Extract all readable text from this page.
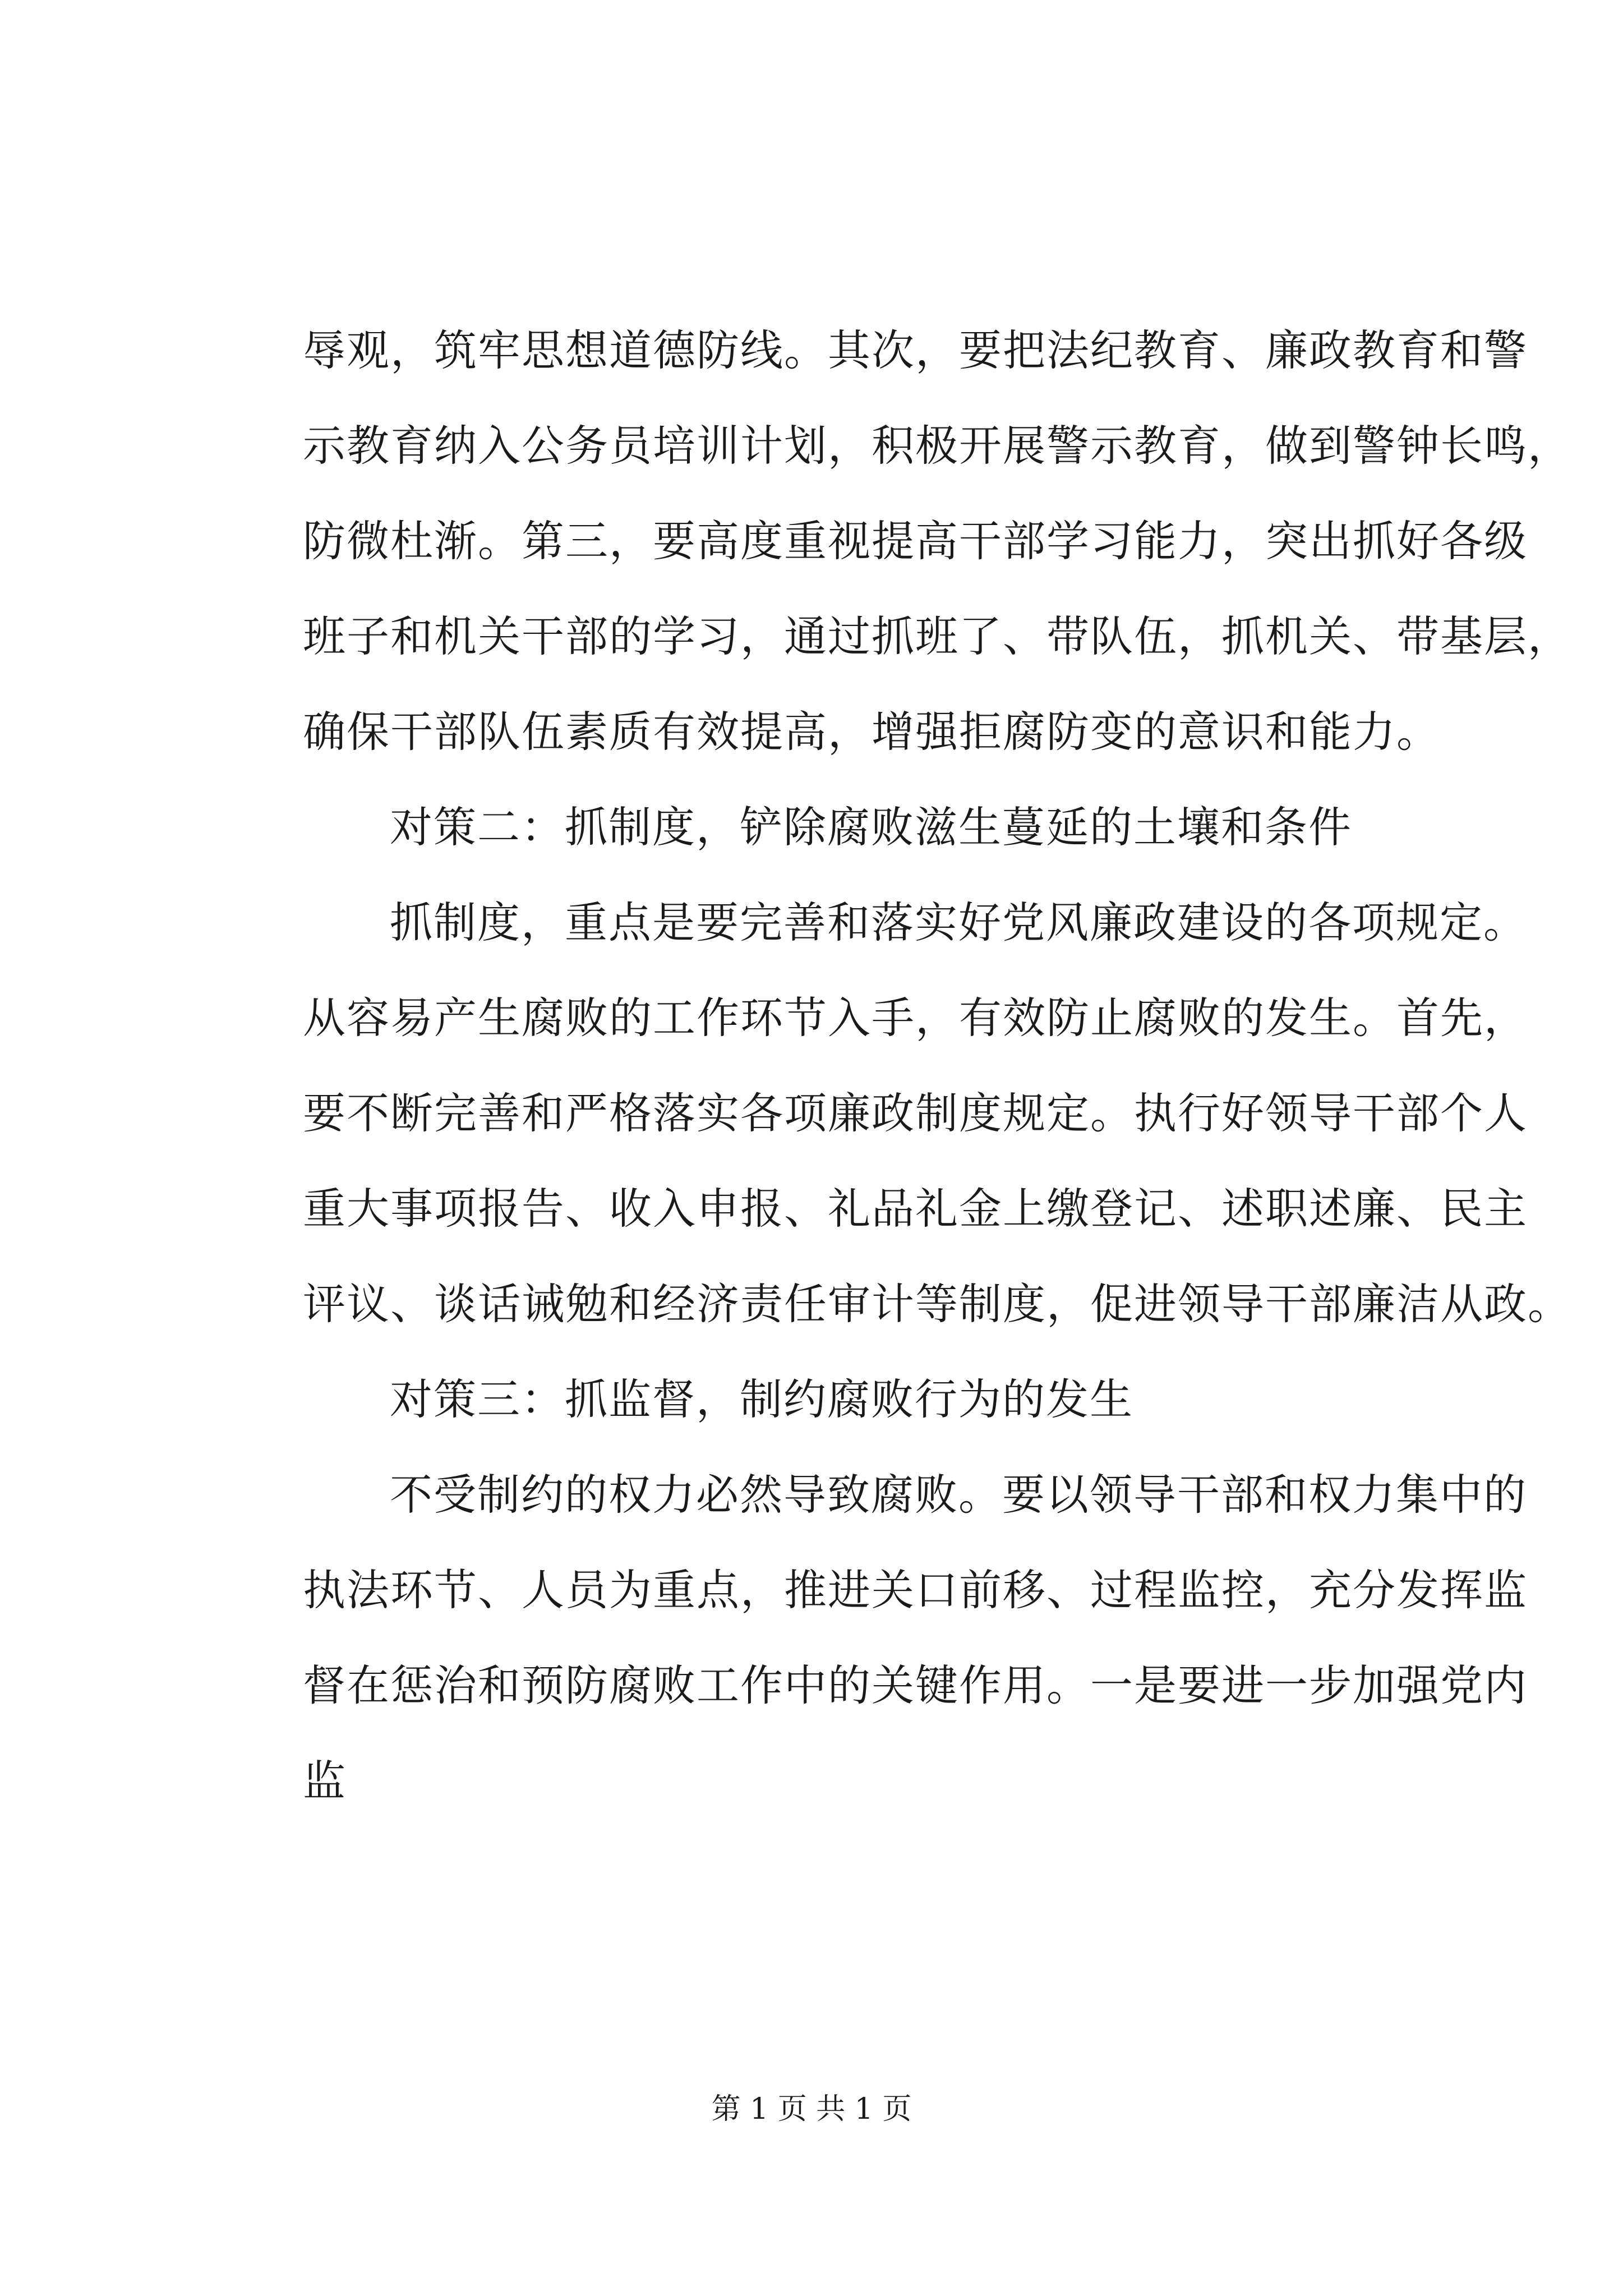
辱观，筑牢思想道德防线。其次，要把法纪教育、廉政教育和警
示教育纳入公务员培训计划，积极开展警示教育，做到警钟长鸣，
防微杜渐。第三，要高度重视提高干部学习能力，突出抓好各级
班子和机关干部的学习，通过抓班了、带队伍，抓机关、带基层，
确保干部队伍素质有效提高，增强拒腐防变的意识和能力。
对策二：抓制度，铲除腐败滋生蔓延的土壤和条件
抓制度，重点是要完善和落实好党风廉政建设的各项规定。
从容易产生腐败的工作环节入手，有效防止腐败的发生。首先，
要不断完善和严格落实各项廉政制度规定。执行好领导干部个人
重大事项报告、收入申报、礼品礼金上缴登记、述职述廉、民主
评议、谈话诫勉和经济责任审计等制度，促进领导干部廉洁从政。
对策三：抓监督，制约腐败行为的发生
不受制约的权力必然导致腐败。要以领导干部和权力集中的
执法环节、人员为重点，推进关口前移、过程监控，充分发挥监
督在惩治和预防腐败工作中的关键作用。一是要进一步加强党内
监
第 1 页 共 1 页
